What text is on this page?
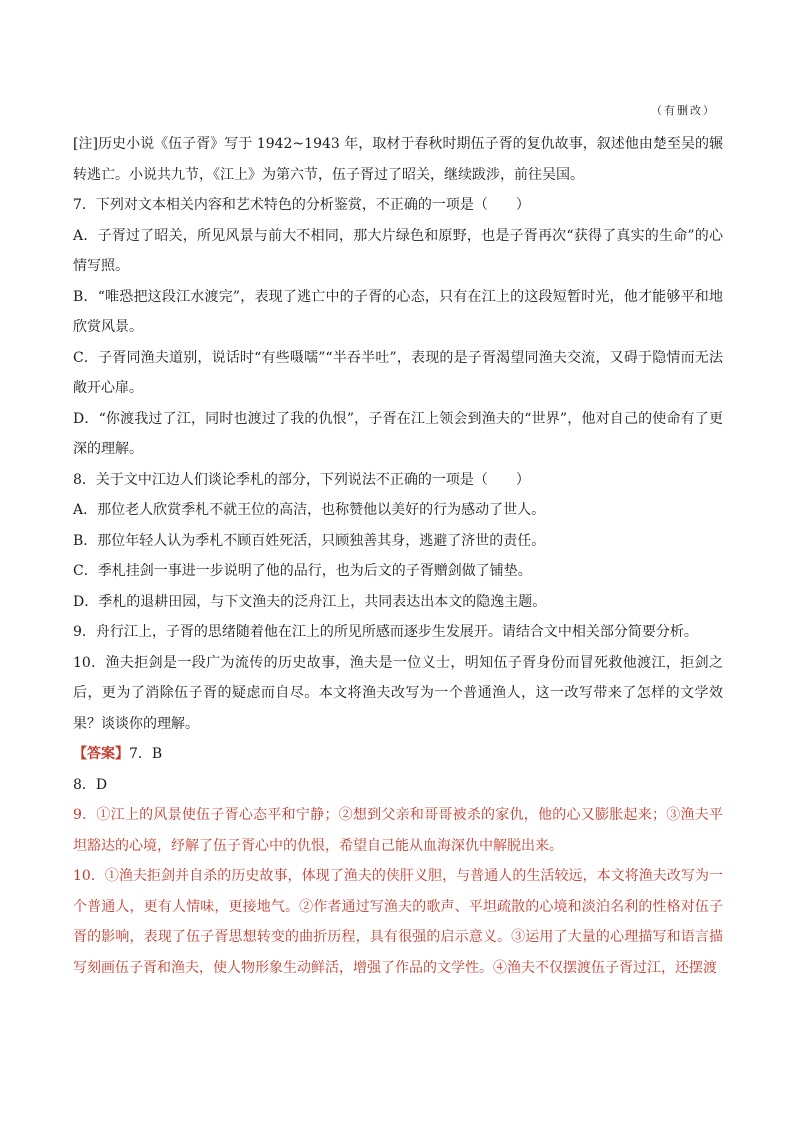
（有删改）

[注]历史小说《伍子胥》写于 1942~1943 年，取材于春秋时期伍子胥的复仇故事，叙述他由楚至吴的辗转逃亡。小说共九节，《江上》为第六节，伍子胥过了昭关，继续跋涉，前往吴国。

7．下列对文本相关内容和艺术特色的分析鉴赏，不正确的一项是（　　）

A．子胥过了昭关，所见风景与前大不相同，那大片绿色和原野，也是子胥再次“获得了真实的生命”的心情写照。

B．“唯恐把这段江水渡完”，表现了逃亡中的子胥的心态，只有在江上的这段短暂时光，他才能够平和地欣赏风景。

C．子胥同渔夫道别，说话时“有些嗫嚅”“半吞半吐”，表现的是子胥渴望同渔夫交流，又碍于隐情而无法敞开心扉。

D．“你渡我过了江，同时也渡过了我的仇恨”，子胥在江上领会到渔夫的“世界”，他对自己的使命有了更深的理解。

8．关于文中江边人们谈论季札的部分，下列说法不正确的一项是（　　）

A．那位老人欣赏季札不就王位的高洁，也称赞他以美好的行为感动了世人。

B．那位年轻人认为季札不顾百姓死活，只顾独善其身，逃避了济世的责任。

C．季札挂剑一事进一步说明了他的品行，也为后文的子胥赠剑做了铺垫。

D．季札的退耕田园，与下文渔夫的泛舟江上，共同表达出本文的隐逸主题。

9．舟行江上，子胥的思绪随着他在江上的所见所感而逐步生发展开。请结合文中相关部分简要分析。

10．渔夫拒剑是一段广为流传的历史故事，渔夫是一位义士，明知伍子胥身份而冒死救他渡江，拒剑之后，更为了消除伍子胥的疑虑而自尽。本文将渔夫改写为一个普通渔人，这一改写带来了怎样的文学效果？谈谈你的理解。

【答案】7．B

8．D

9．①江上的风景使伍子胥心态平和宁静；②想到父亲和哥哥被杀的家仇，他的心又膨胀起来；③渔夫平坦豁达的心境，纾解了伍子胥心中的仇恨，希望自己能从血海深仇中解脱出来。

10．①渔夫拒剑并自杀的历史故事，体现了渔夫的侠肝义胆，与普通人的生活较远，本文将渔夫改写为一个普通人，更有人情味，更接地气。②作者通过写渔夫的歌声、平坦疏散的心境和淡泊名利的性格对伍子胥的影响，表现了伍子胥思想转变的曲折历程，具有很强的启示意义。③运用了大量的心理描写和语言描写刻画伍子胥和渔夫，使人物形象生动鲜活，增强了作品的文学性。④渔夫不仅摆渡伍子胥过江，还摆渡
